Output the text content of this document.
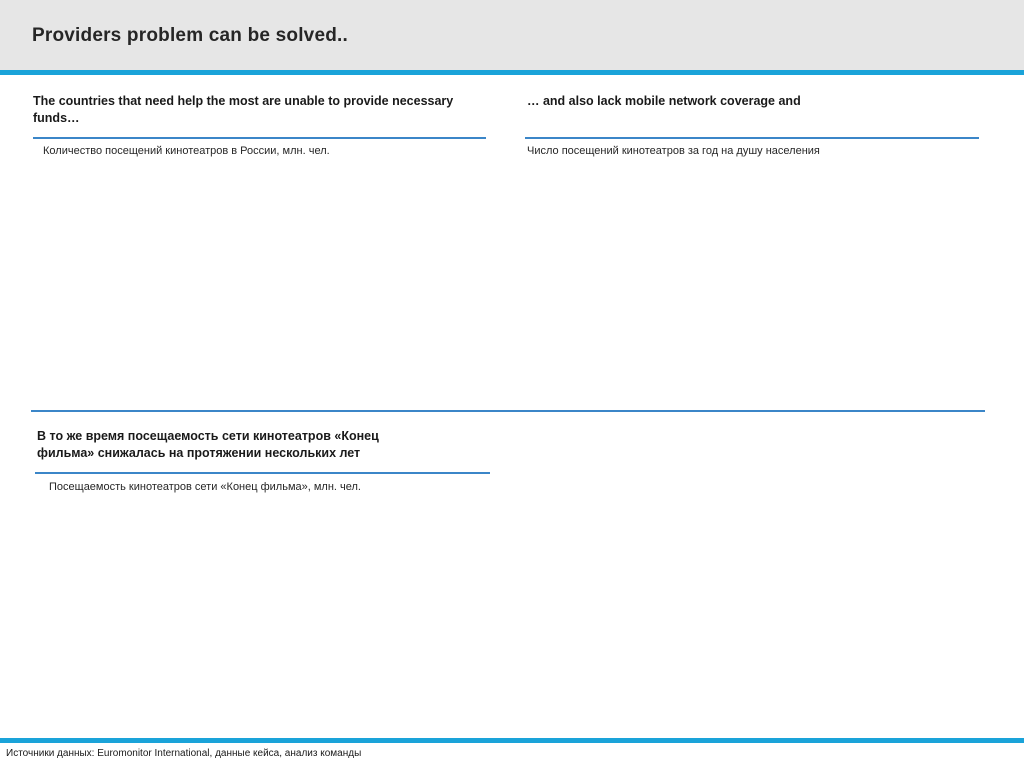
Providers problem can be solved..
The countries that need help the most are unable to provide necessary funds…
Количество посещений кинотеатров в России, млн. чел.
… and also lack mobile network coverage and
Число посещений кинотеатров за год на душу населения
В то же время посещаемость сети кинотеатров «Конец фильма» снижалась на протяжении нескольких лет
Посещаемость кинотеатров сети «Конец фильма», млн. чел.
Источники данных: Euromonitor International, данные кейса, анализ команды
